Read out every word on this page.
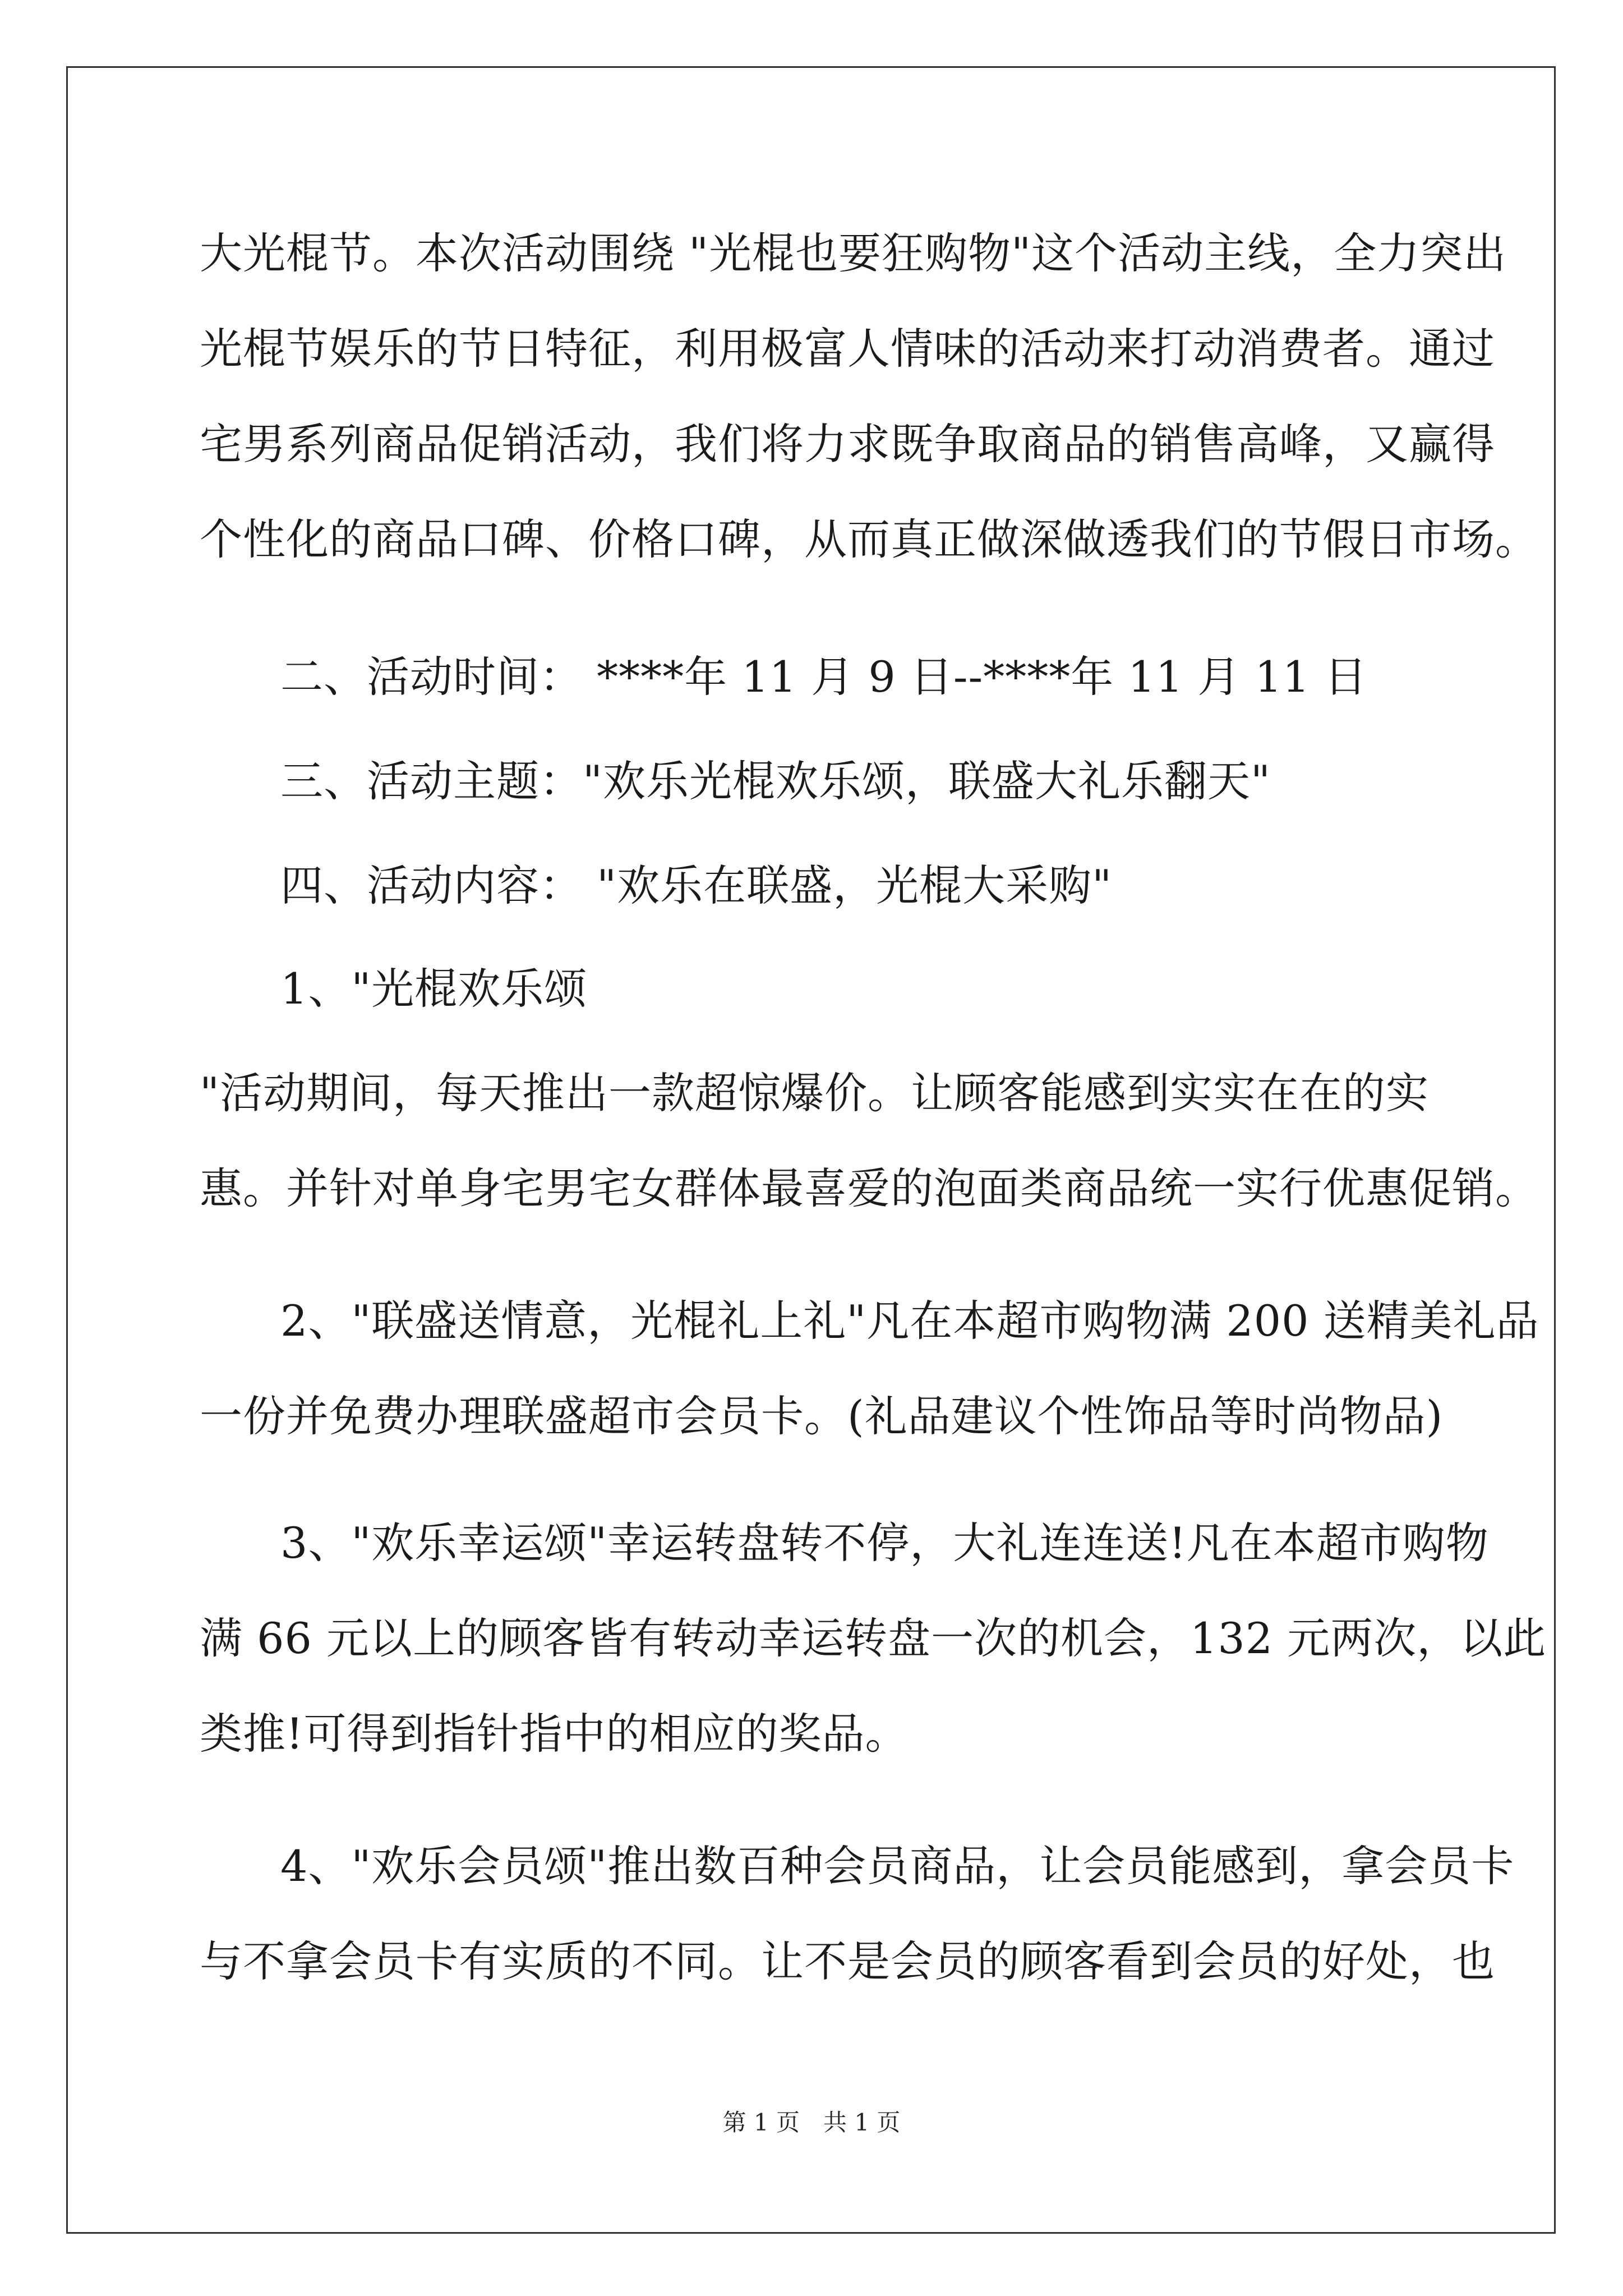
大光棍节。本次活动围绕 "光棍也要狂购物"这个活动主线，全力突出
光棍节娱乐的节日特征，利用极富人情味的活动来打动消费者。通过
宅男系列商品促销活动，我们将力求既争取商品的销售高峰，又赢得
个性化的商品口碑、价格口碑，从而真正做深做透我们的节假日市场。
二、活动时间： ****年 11 月 9 日--****年 11 月 11 日
三、活动主题："欢乐光棍欢乐颂，联盛大礼乐翻天"
四、活动内容： "欢乐在联盛，光棍大采购"
1、"光棍欢乐颂
"活动期间，每天推出一款超惊爆价。让顾客能感到实实在在的实
惠。并针对单身宅男宅女群体最喜爱的泡面类商品统一实行优惠促销。
2、"联盛送情意，光棍礼上礼"凡在本超市购物满 200 送精美礼品
一份并免费办理联盛超市会员卡。(礼品建议个性饰品等时尚物品)
3、"欢乐幸运颂"幸运转盘转不停，大礼连连送!凡在本超市购物
满 66 元以上的顾客皆有转动幸运转盘一次的机会，132 元两次，以此
类推!可得到指针指中的相应的奖品。
4、"欢乐会员颂"推出数百种会员商品，让会员能感到，拿会员卡
与不拿会员卡有实质的不同。让不是会员的顾客看到会员的好处，也
第 1 页　共 1 页
